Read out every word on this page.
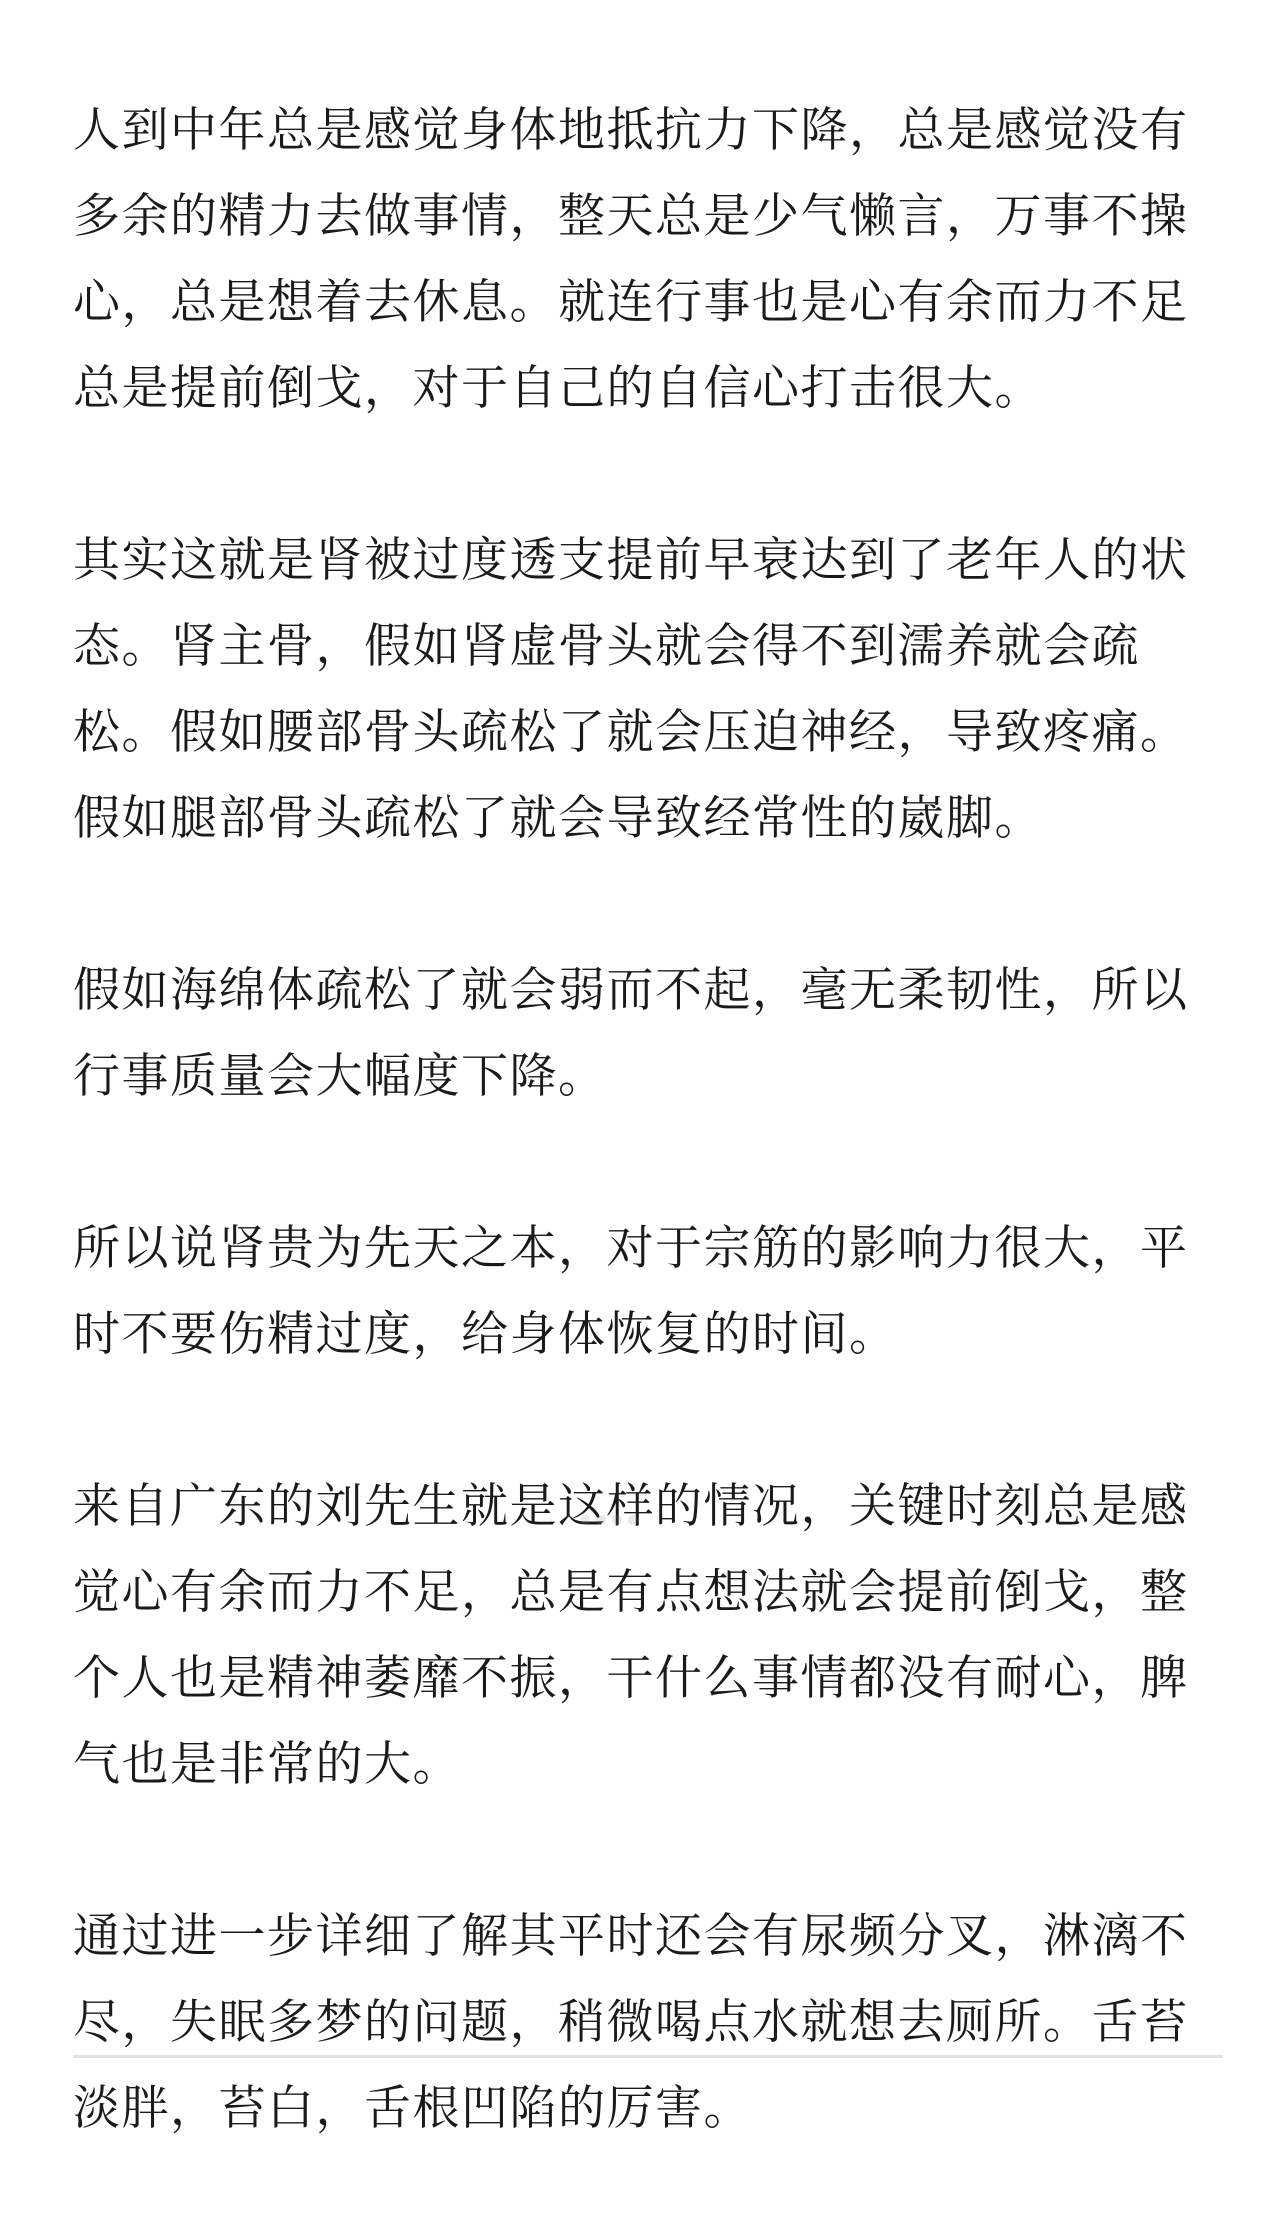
人到中年总是感觉身体地抵抗力下降，总是感觉没有多余的精力去做事情，整天总是少气懒言，万事不操心，总是想着去休息。就连行事也是心有余而力不足总是提前倒戈，对于自己的自信心打击很大。

其实这就是肾被过度透支提前早衰达到了老年人的状态。肾主骨，假如肾虚骨头就会得不到濡养就会疏松。假如腰部骨头疏松了就会压迫神经，导致疼痛。假如腿部骨头疏松了就会导致经常性的崴脚。

假如海绵体疏松了就会弱而不起，毫无柔韧性，所以行事质量会大幅度下降。

所以说肾贵为先天之本，对于宗筋的影响力很大，平时不要伤精过度，给身体恢复的时间。

来自广东的刘先生就是这样的情况，关键时刻总是感觉心有余而力不足，总是有点想法就会提前倒戈，整个人也是精神萎靡不振，干什么事情都没有耐心，脾气也是非常的大。

通过进一步详细了解其平时还会有尿频分叉，淋漓不尽，失眠多梦的问题，稍微喝点水就想去厕所。舌苔淡胖，苔白，舌根凹陷的厉害。
